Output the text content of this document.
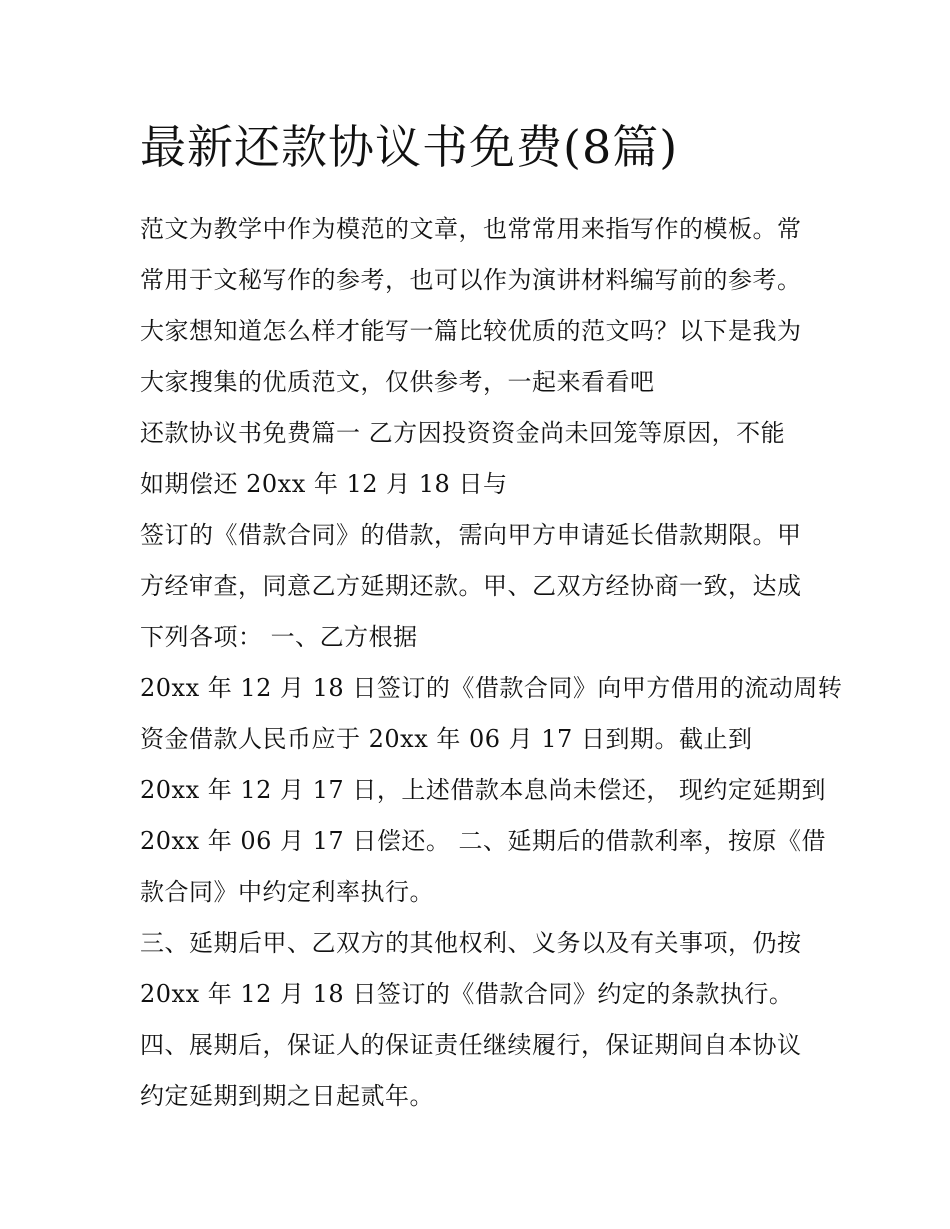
最新还款协议书免费(8篇)
范文为教学中作为模范的文章，也常常用来指写作的模板。常
常用于文秘写作的参考，也可以作为演讲材料编写前的参考。
大家想知道怎么样才能写一篇比较优质的范文吗？以下是我为
大家搜集的优质范文，仅供参考，一起来看看吧
还款协议书免费篇一 乙方因投资资金尚未回笼等原因，不能
如期偿还 20xx 年 12 月 18 日与
签订的《借款合同》的借款，需向甲方申请延长借款期限。甲
方经审查，同意乙方延期还款。甲、乙双方经协商一致，达成
下列各项： 一、乙方根据
20xx 年 12 月 18 日签订的《借款合同》向甲方借用的流动周转
资金借款人民币应于 20xx 年 06 月 17 日到期。截止到
20xx 年 12 月 17 日，上述借款本息尚未偿还， 现约定延期到
20xx 年 06 月 17 日偿还。 二、延期后的借款利率，按原《借
款合同》中约定利率执行。
三、延期后甲、乙双方的其他权利、义务以及有关事项，仍按
20xx 年 12 月 18 日签订的《借款合同》约定的条款执行。
四、展期后，保证人的保证责任继续履行，保证期间自本协议
约定延期到期之日起贰年。
